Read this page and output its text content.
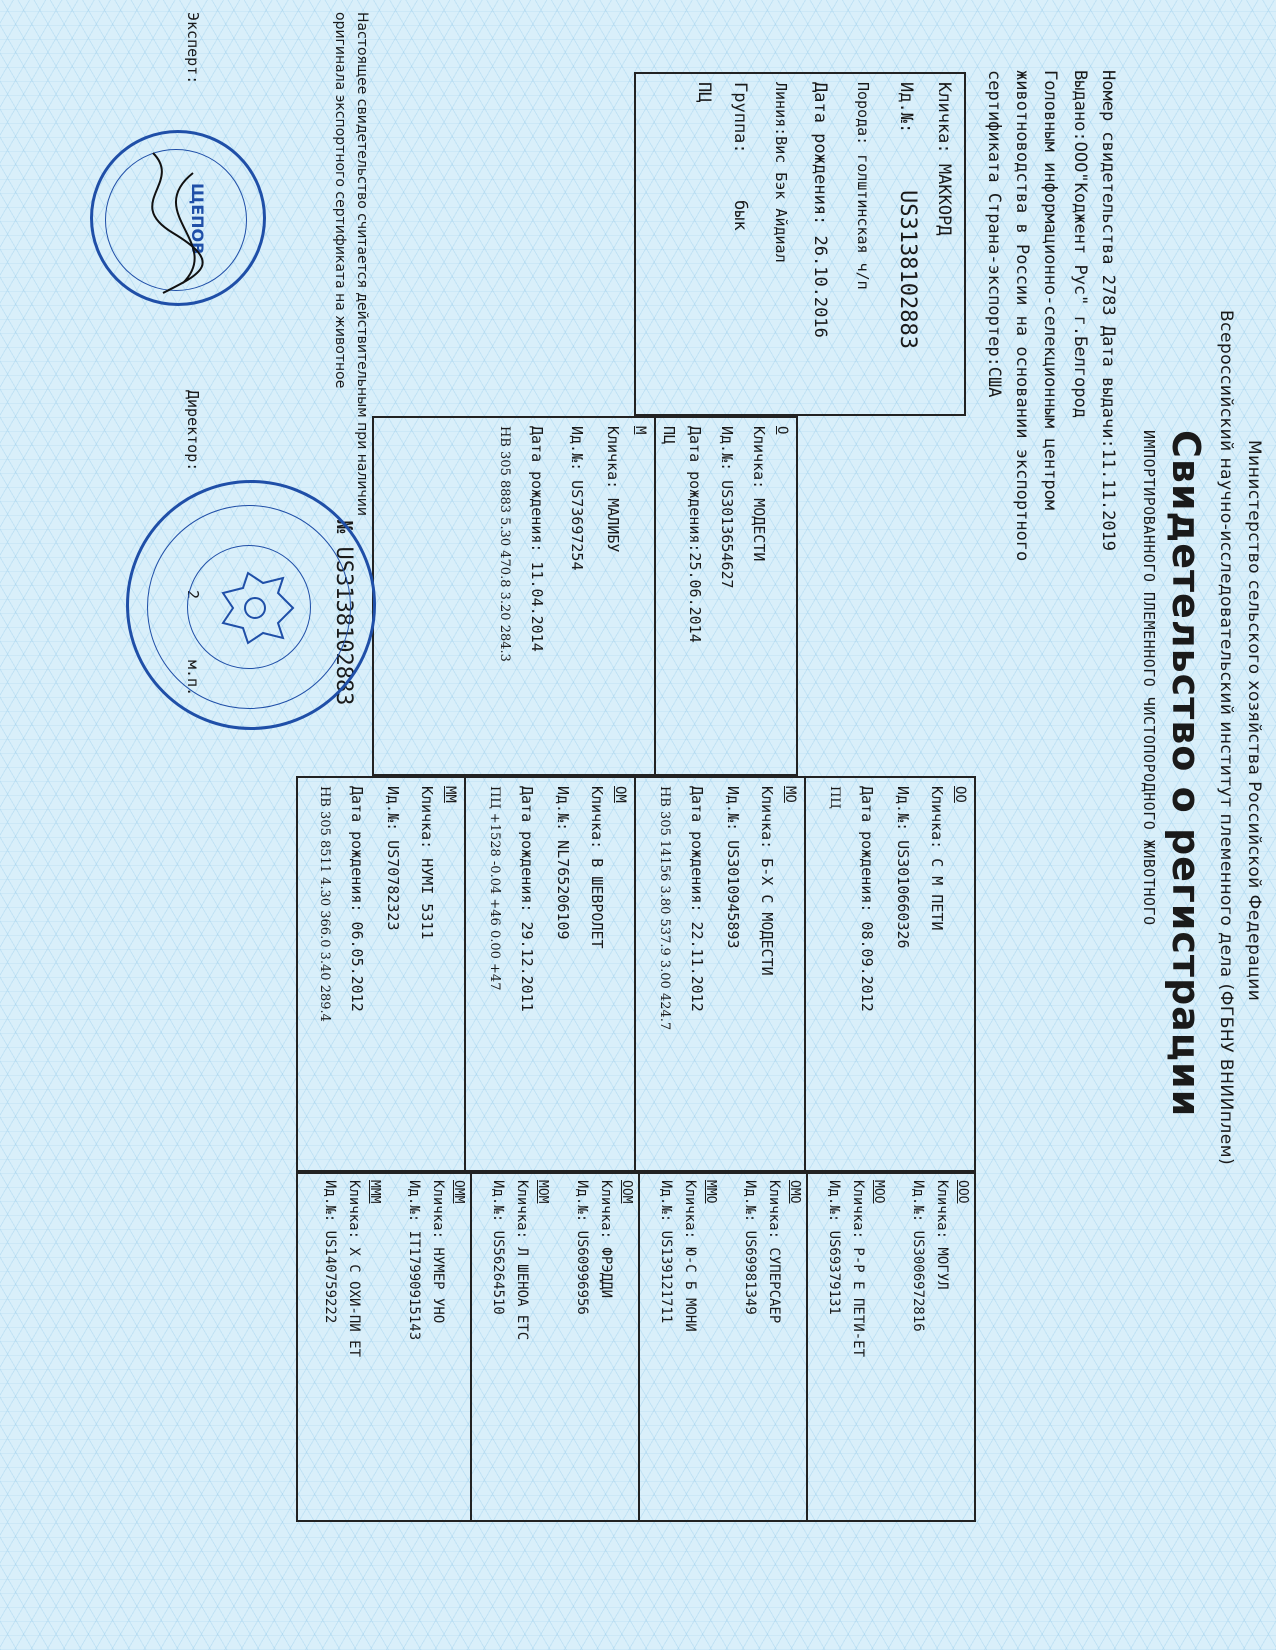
Министерство сельского хозяйства Российской Федерации
Всероссийский научно-исследовательский институт племенного дела (ФГБНУ ВНИИплем)
Свидетельство о регистрации
ИМПОРТИРОВАННОГО ПЛЕМЕННОГО ЧИСТОПОРОДНОГО ЖИВОТНОГО
Номер свидетельства 2783 Дата выдачи:11.11.2019
Выдано:ООО"Коджент Рус" г.Белгород
Головным информационно-селекционным центром
животноводства в России на основании экспортного
сертификата Страна-экспортер:США
Кличка: МАККОРД
Ид.№:
US3138102883
Порода: голштинская ч/п
Дата рождения: 26.10.2016
Линия:Вис Бэк Айдиал
Группа:
бык
ПЦ
О
Кличка: МОДЕСТИ
Ид.№: US3013654627
Дата рождения:25.06.2014
ПЦ
М
Кличка: МАЛИБУ
Ид.№: US73697254
Дата рождения: 11.04.2014
НВ 305 8883 5.30 470.8 3.20 284.3
ОО
Кличка: С М ПЕТИ
Ид.№: US3010660326
Дата рождения: 08.09.2012
ПЦ
МО
Кличка: Б-Х С МОДЕСТИ
Ид.№: US3010945893
Дата рождения: 22.11.2012
НВ 305 14156 3.80 537.9 3.00 424.7
ОМ
Кличка: В ШЕВРОЛЕТ
Ид.№: NL765206109
Дата рождения: 29.12.2011
ПЦ +1528 -0.04 +46 0.00 +47
ММ
Кличка: НУМІ 5311
Ид.№: US70782323
Дата рождения: 06.05.2012
НВ 305 8511 4.30 366.0 3.40 289.4
ООО
Кличка: МОГУЛ
Ид.№: US3006972816
МОО
Кличка: Р-Р Е ПЕТИ-ЕТ
Ид.№: US69379131
ОМО
Кличка: СУПЕРСАЕР
Ид.№: US69981349
ММО
Кличка: Ю-С Б МОНИ
Ид.№: US139121711
ООМ
Кличка: ФРЭДДИ
Ид.№: US60996956
МОМ
Кличка: Л ШЕНОА ЕТС
Ид.№: US56264510
ОММ
Кличка: НУМЕР УНО
Ид.№: IT17990915143
МММ
Кличка: Х С ОХИ-ПИ ЕТ
Ид.№: US140759222
Настоящее свидетельство считается действительным при наличии
оригинала экспортного сертификата на животное
№ US3138102883
Эксперт:
Директор:
м.п.
2
ЩЕПОВ
